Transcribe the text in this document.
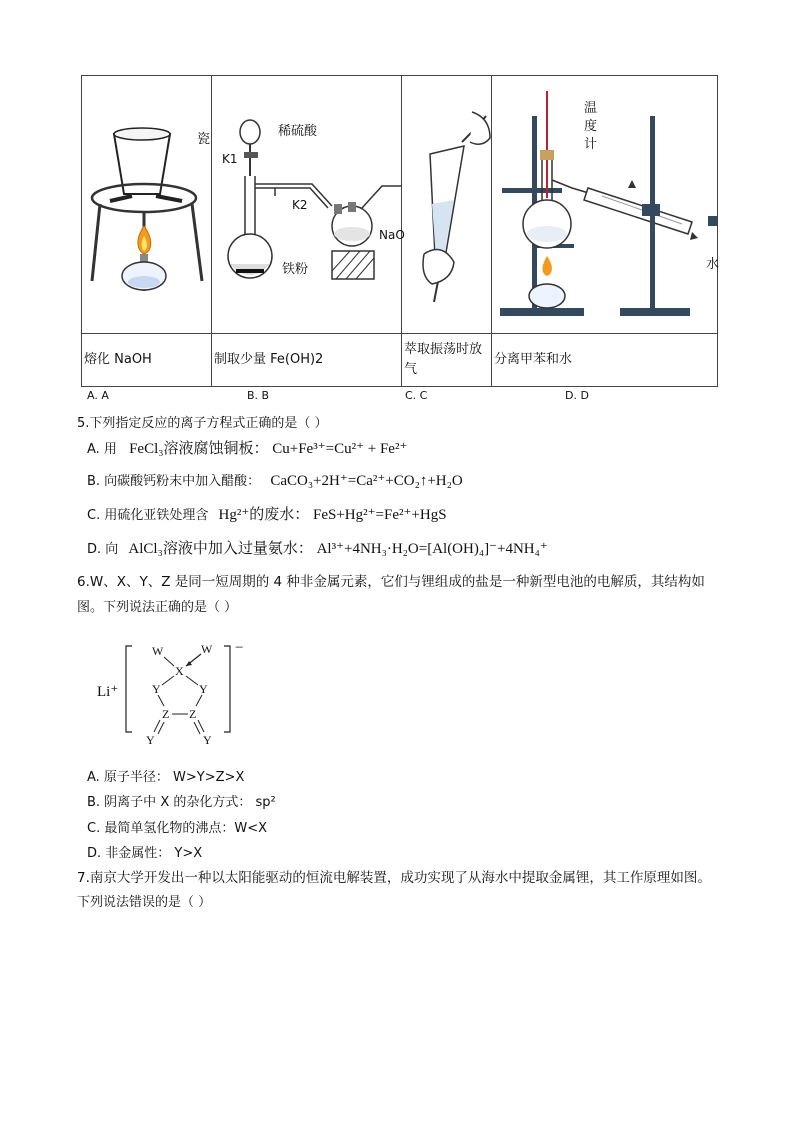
瓷	稀硫酸
K1
K2
NaO
铁粉		温
度
计
水

熔化 NaOH	制取少量 Fe(OH)2	萃取振荡时放气	分离甲苯和水
A. A	B. B	C. C	D. D
5.下列指定反应的离子方程式正确的是（ ）
A. 用 FeCl₃溶液腐蚀铜板： Cu+Fe³⁺=Cu²⁺ + Fe²⁺
B. 向碳酸钙粉末中加入醋酸： CaCO₃+2H⁺=Ca²⁺+CO₂↑+H₂O
C. 用硫化亚铁处理含 Hg²⁺的废水： FeS+Hg²⁺=Fe²⁺+HgS
D. 向 AlCl₃溶液中加入过量氨水： Al³⁺+4NH₃·H₂O=[Al(OH)₄]⁻+4NH₄⁺
6.W、X、Y、Z 是同一短周期的 4 种非金属元素，它们与锂组成的盐是一种新型电池的电解质，其结构如
图。下列说法正确的是（ ）
Li⁺
−
W	W
X
Y	Y
Z Z
Y	Y
A. 原子半径： W>Y>Z>X
B. 阴离子中 X 的杂化方式： sp²
C. 最简单氢化物的沸点：W<X
D. 非金属性： Y>X
7.南京大学开发出一种以太阳能驱动的恒流电解装置，成功实现了从海水中提取金属锂，其工作原理如图。
下列说法错误的是（ ）
